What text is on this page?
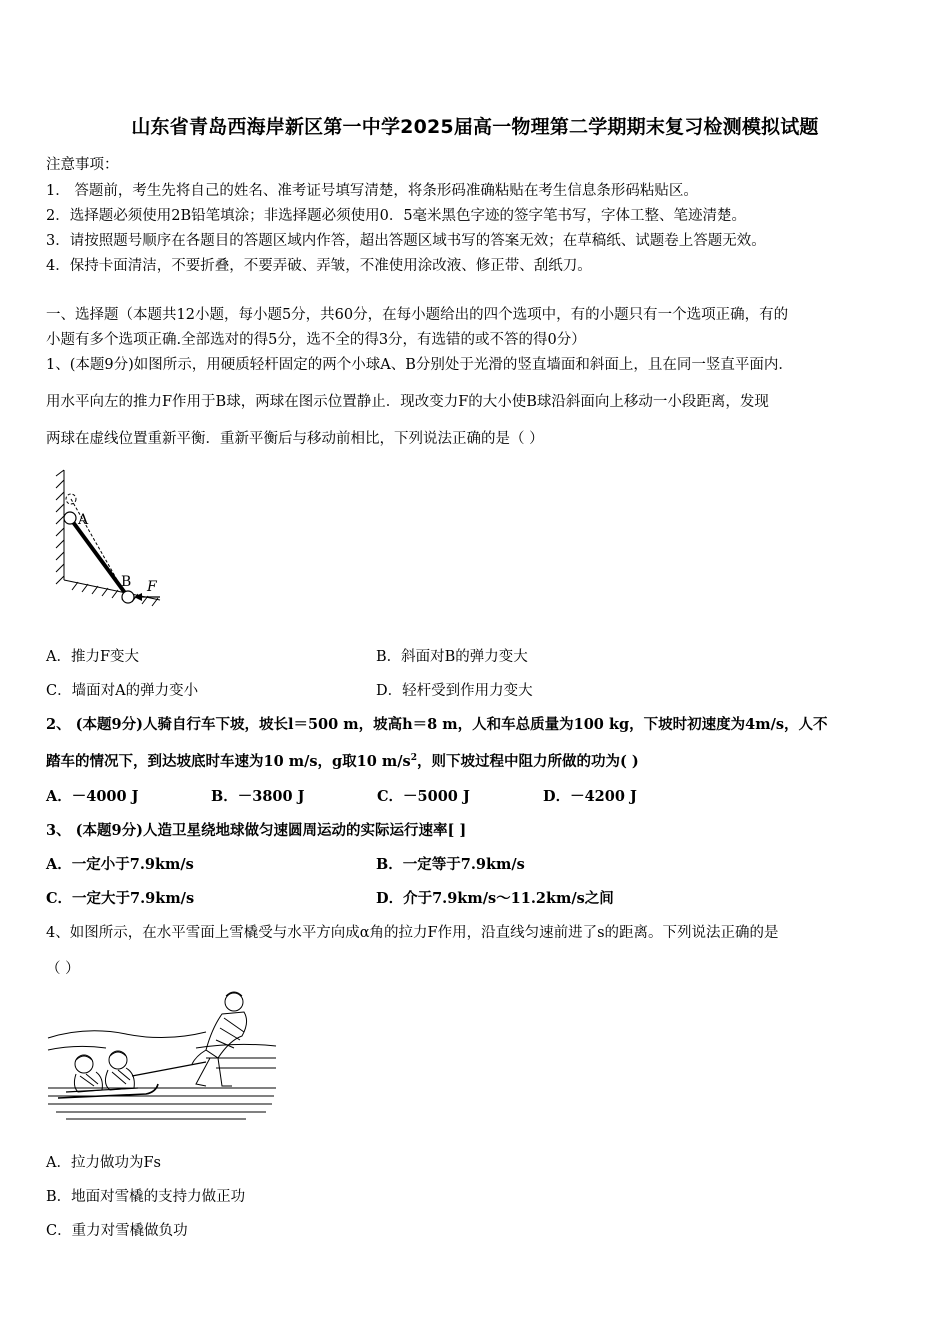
山东省青岛西海岸新区第一中学2025届高一物理第二学期期末复习检测模拟试题
注意事项：
1． 答题前，考生先将自己的姓名、准考证号填写清楚，将条形码准确粘贴在考生信息条形码粘贴区。
2．选择题必须使用2B铅笔填涂；非选择题必须使用0．5毫米黑色字迹的签字笔书写，字体工整、笔迹清楚。
3．请按照题号顺序在各题目的答题区域内作答，超出答题区域书写的答案无效；在草稿纸、试题卷上答题无效。
4．保持卡面清洁，不要折叠，不要弄破、弄皱，不准使用涂改液、修正带、刮纸刀。
一、选择题（本题共12小题，每小题5分，共60分，在每小题给出的四个选项中，有的小题只有一个选项正确，有的
小题有多个选项正确.全部选对的得5分，选不全的得3分，有选错的或不答的得0分）
1、(本题9分)如图所示，用硬质轻杆固定的两个小球A、B分别处于光滑的竖直墙面和斜面上，且在同一竖直平面内．
用水平向左的推力F作用于B球，两球在图示位置静止．现改变力F的大小使B球沿斜面向上移动一小段距离，发现
两球在虚线位置重新平衡．重新平衡后与移动前相比，下列说法正确的是（ ）
A
B F
A．推力F变大	B．斜面对B的弹力变大
C．墙面对A的弹力变小	D．轻杆受到作用力变大
2、 (本题9分)人骑自行车下坡，坡长l＝500 m，坡高h＝8 m，人和车总质量为100 kg，下坡时初速度为4m/s，人不
踏车的情况下，到达坡底时车速为10 m/s，g取10 $m/s^2$，则下坡过程中阻力所做的功为( )
A．－4000 J	B．－3800 J	C．－5000 J	D．－4200 J
3、 (本题9分)人造卫星绕地球做匀速圆周运动的实际运行速率[ ]
A．一定小于7.9km/s	B．一定等于7.9km/s
C．一定大于7.9km/s	D．介于7.9km/s～11.2km/s之间
4、如图所示，在水平雪面上雪橇受与水平方向成α角的拉力F作用，沿直线匀速前进了s的距离。下列说法正确的是
（ ）
A．拉力做功为Fs
B．地面对雪橇的支持力做正功
C．重力对雪橇做负功
